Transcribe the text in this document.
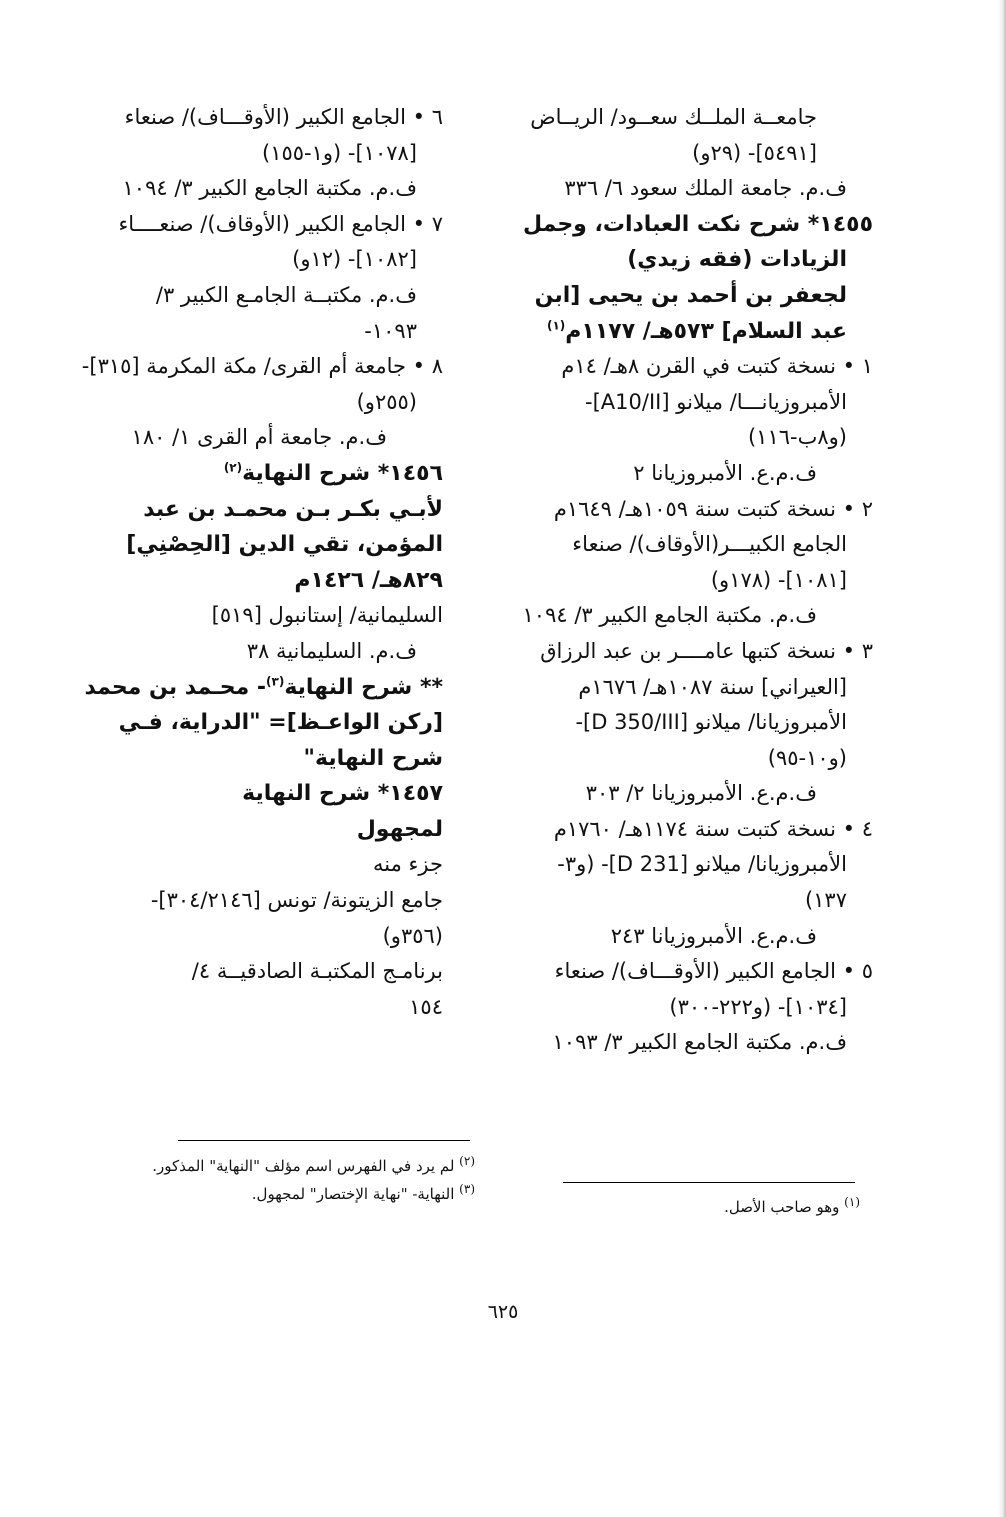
جامعــة الملــك سعــود/ الريــاض
[٥٤٩١]- (٢٩و)
ف.م. جامعة الملك سعود ٦/ ٣٣٦
١٤٥٥* شرح نكت العبادات، وجمل
الزيادات (فقه زيدي)
لجعفر بن أحمد بن يحيى [ابن
عبد السلام] ٥٧٣هـ/ ١١٧٧م$^{(١)}$
١ • نسخة كتبت في القرن ٨هـ/ ١٤م
الأمبروزيانـــا/ ميلانو [A10/II]-
(و٨ب-١١٦)
ف.م.ع. الأمبروزيانا ٢
٢ • نسخة كتبت سنة ١٠٥٩هـ/ ١٦٤٩م
الجامع الكبيـــر(الأوقاف)/ صنعاء
[١٠٨١]- (١٧٨و)
ف.م. مكتبة الجامع الكبير ٣/ ١٠٩٤
٣ • نسخة كتبها عامــــر بن عبد الرزاق
[العيراني] سنة ١٠٨٧هـ/ ١٦٧٦م
الأمبروزيانا/ ميلانو [D 350/III]-
(و١٠-٩٥)
ف.م.ع. الأمبروزيانا ٢/ ٣٠٣
٤ • نسخة كتبت سنة ١١٧٤هـ/ ١٧٦٠م
الأمبروزيانا/ ميلانو [D 231]- (و٣-
١٣٧)
ف.م.ع. الأمبروزيانا ٢٤٣
٥ • الجامع الكبير (الأوقـــاف)/ صنعاء
[١٠٣٤]- (و٢٢٢-٣٠٠)
ف.م. مكتبة الجامع الكبير ٣/ ١٠٩٣
٦ • الجامع الكبير (الأوقـــاف)/ صنعاء
[١٠٧٨]- (و١-١٥٥)
ف.م. مكتبة الجامع الكبير ٣/ ١٠٩٤
٧ • الجامع الكبير (الأوقاف)/ صنعــــاء
[١٠٨٢]- (١٢و)
ف.م. مكتبــة الجامـع الكبير ٣/
١٠٩٣-
٨ • جامعة أم القرى/ مكة المكرمة [٣١٥]-
(٢٥٥و)
ف.م. جامعة أم القرى ١/ ١٨٠
١٤٥٦* شرح النهاية$^{(٢)}$
لأبـي بكـر بـن محمـد بن عبد
المؤمن، تقي الدين [الحِصْنِي]
٨٢٩هـ/ ١٤٢٦م
السليمانية/ إستانبول [٥١٩]
ف.م. السليمانية ٣٨
** شرح النهاية$^{(٣)}$- محـمد بن محمد
[ركن الواعـظ]= "الدراية، فـي
شرح النهاية"
١٤٥٧* شرح النهاية
لمجهول
جزء منه
جامع الزيتونة/ تونس [٣٠٤/٢١٤٦]-
(٣٥٦و)
برنامـج المكتبـة الصادقيــة ٤/
١٥٤
$^{(٢)}$ لم يرد في الفهرس اسم مؤلف "النهاية" المذكور.
$^{(٣)}$ النهاية- "نهاية الإختصار" لمجهول.	$^{(١)}$ وهو صاحب الأصل.
٦٢٥
